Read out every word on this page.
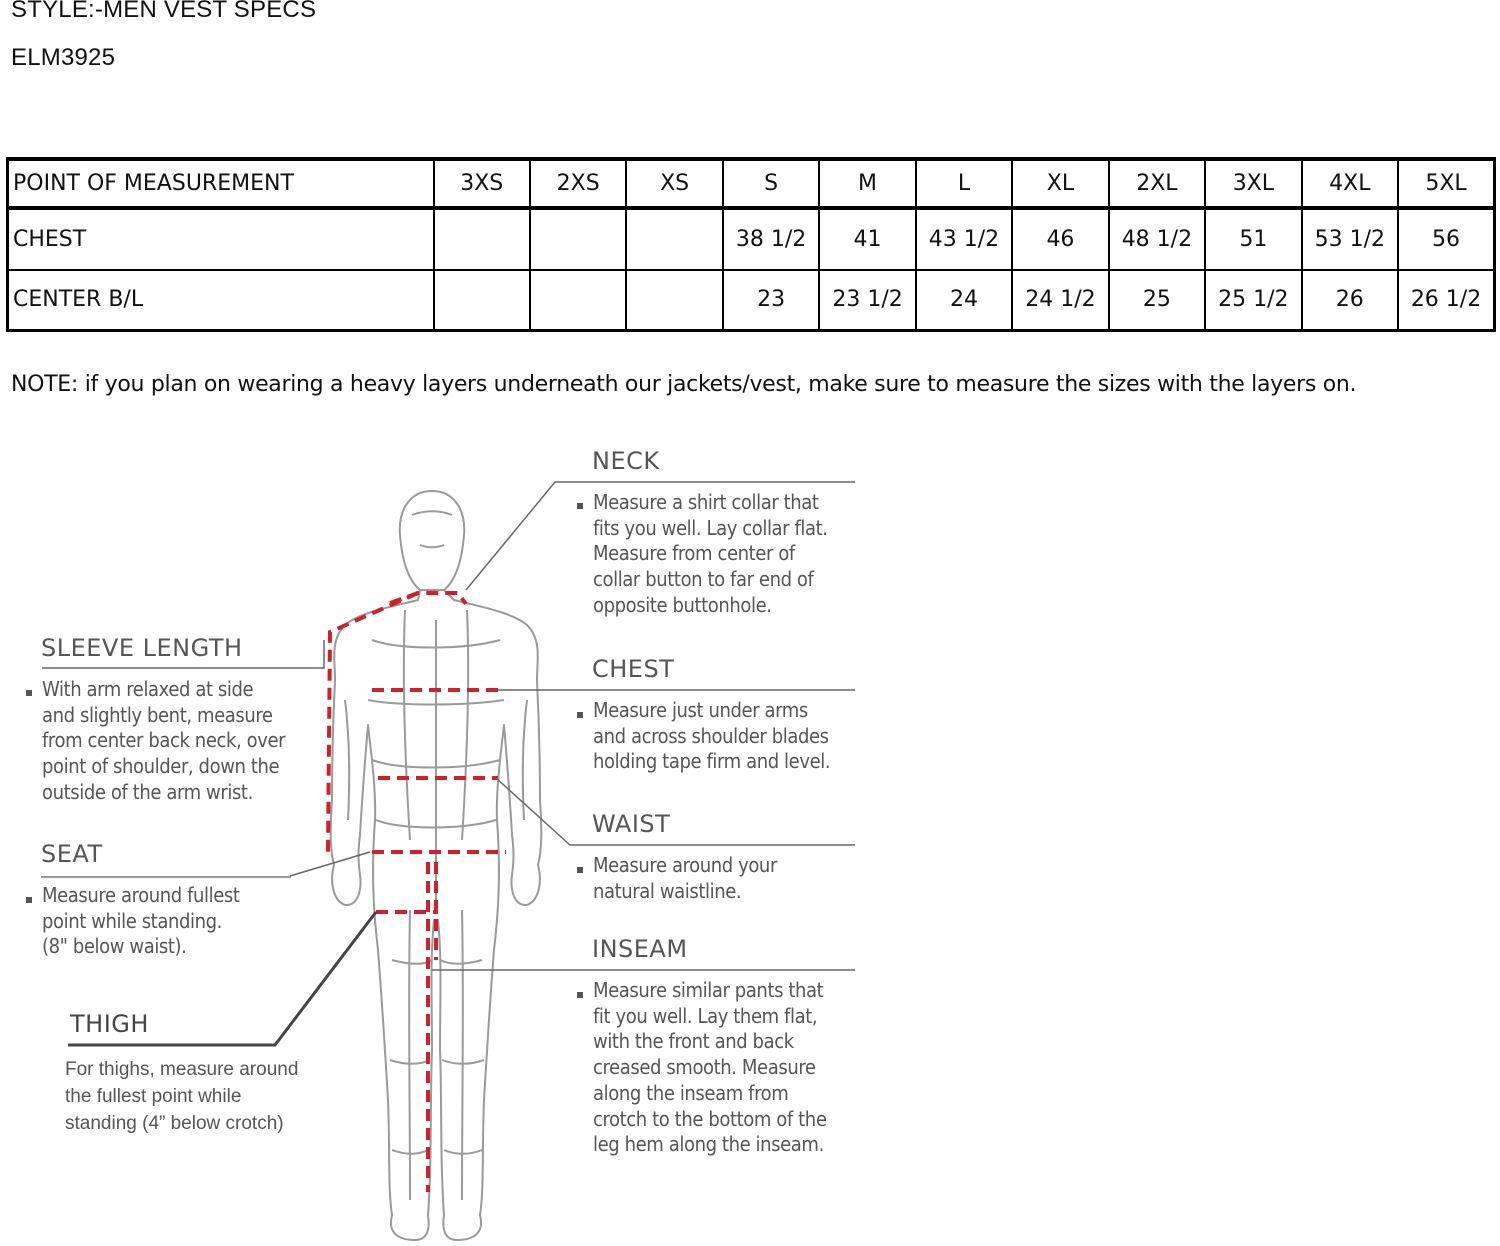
STYLE:-MEN VEST SPECS
ELM3925
POINT OF MEASUREMENT	3XS	2XS	XS	S	M	L	XL	2XL	3XL	4XL	5XL
CHEST				38 1/2	41	43 1/2	46	48 1/2	51	53 1/2	56
CENTER B/L				23	23 1/2	24	24 1/2	25	25 1/2	26	26 1/2
NOTE: if you plan on wearing a heavy layers underneath our jackets/vest, make sure to measure the sizes with the layers on.
NECK
Measure a shirt collar that
fits you well. Lay collar flat.
Measure from center of
collar button to far end of
opposite buttonhole.
CHEST
Measure just under arms
and across shoulder blades
holding tape firm and level.
WAIST
Measure around your
natural waistline.
INSEAM
Measure similar pants that
fit you well. Lay them flat,
with the front and back
creased smooth. Measure
along the inseam from
crotch to the bottom of the
leg hem along the inseam.
SLEEVE LENGTH
With arm relaxed at side
and slightly bent, measure
from center back neck, over
point of shoulder, down the
outside of the arm wrist.
SEAT
Measure around fullest
point while standing.
(8" below waist).
THIGH
For thighs, measure around
the fullest point while
standing (4” below crotch)
